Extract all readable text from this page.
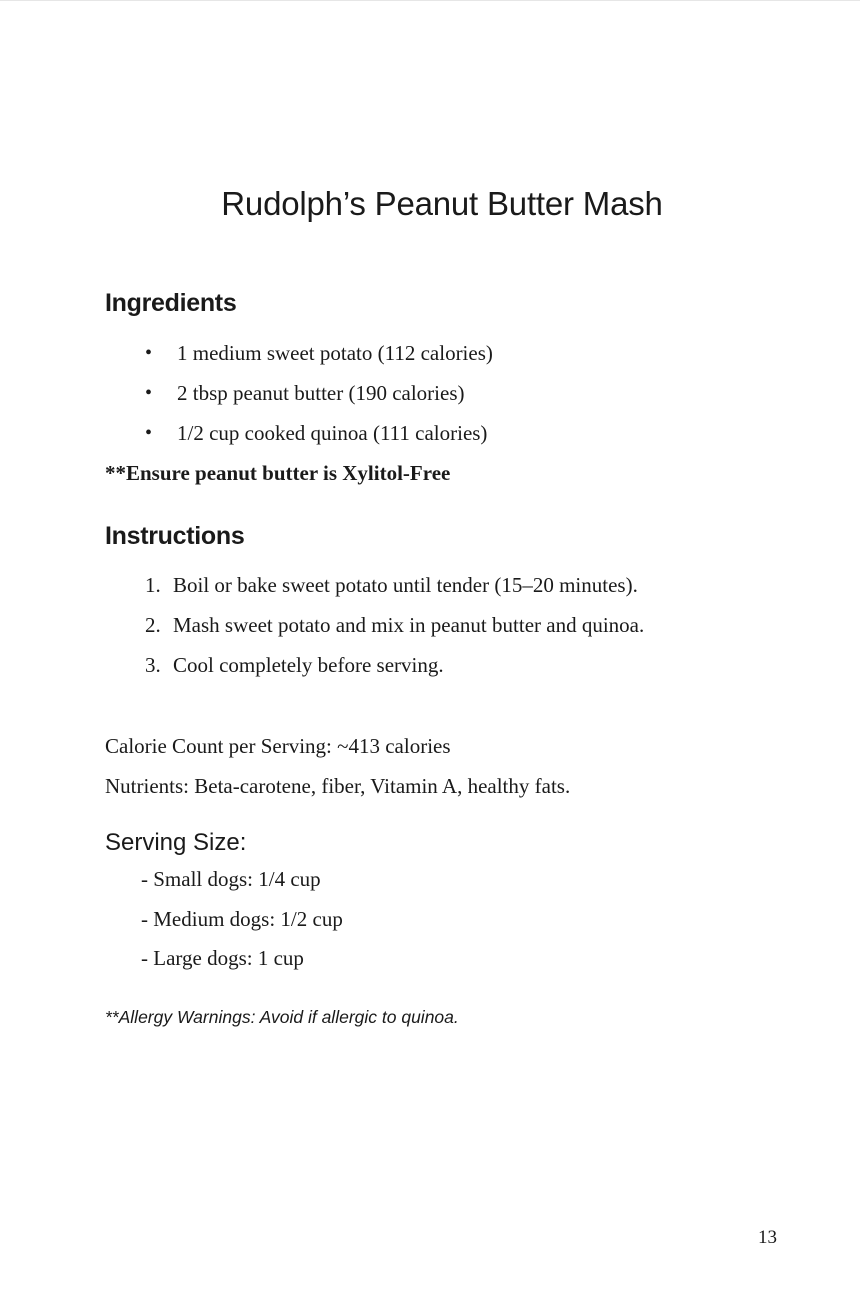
Rudolph’s Peanut Butter Mash
Ingredients
• 1 medium sweet potato (112 calories)
• 2 tbsp peanut butter (190 calories)
• 1/2 cup cooked quinoa (111 calories)
**Ensure peanut butter is Xylitol-Free
Instructions
1. Boil or bake sweet potato until tender (15–20 minutes).
2. Mash sweet potato and mix in peanut butter and quinoa.
3. Cool completely before serving.

Calorie Count per Serving: ~413 calories

Nutrients: Beta-carotene, fiber, Vitamin A, healthy fats.

Serving Size:

- Small dogs: 1/4 cup
- Medium dogs: 1/2 cup
- Large dogs: 1 cup

**Allergy Warnings: Avoid if allergic to quinoa.

13
